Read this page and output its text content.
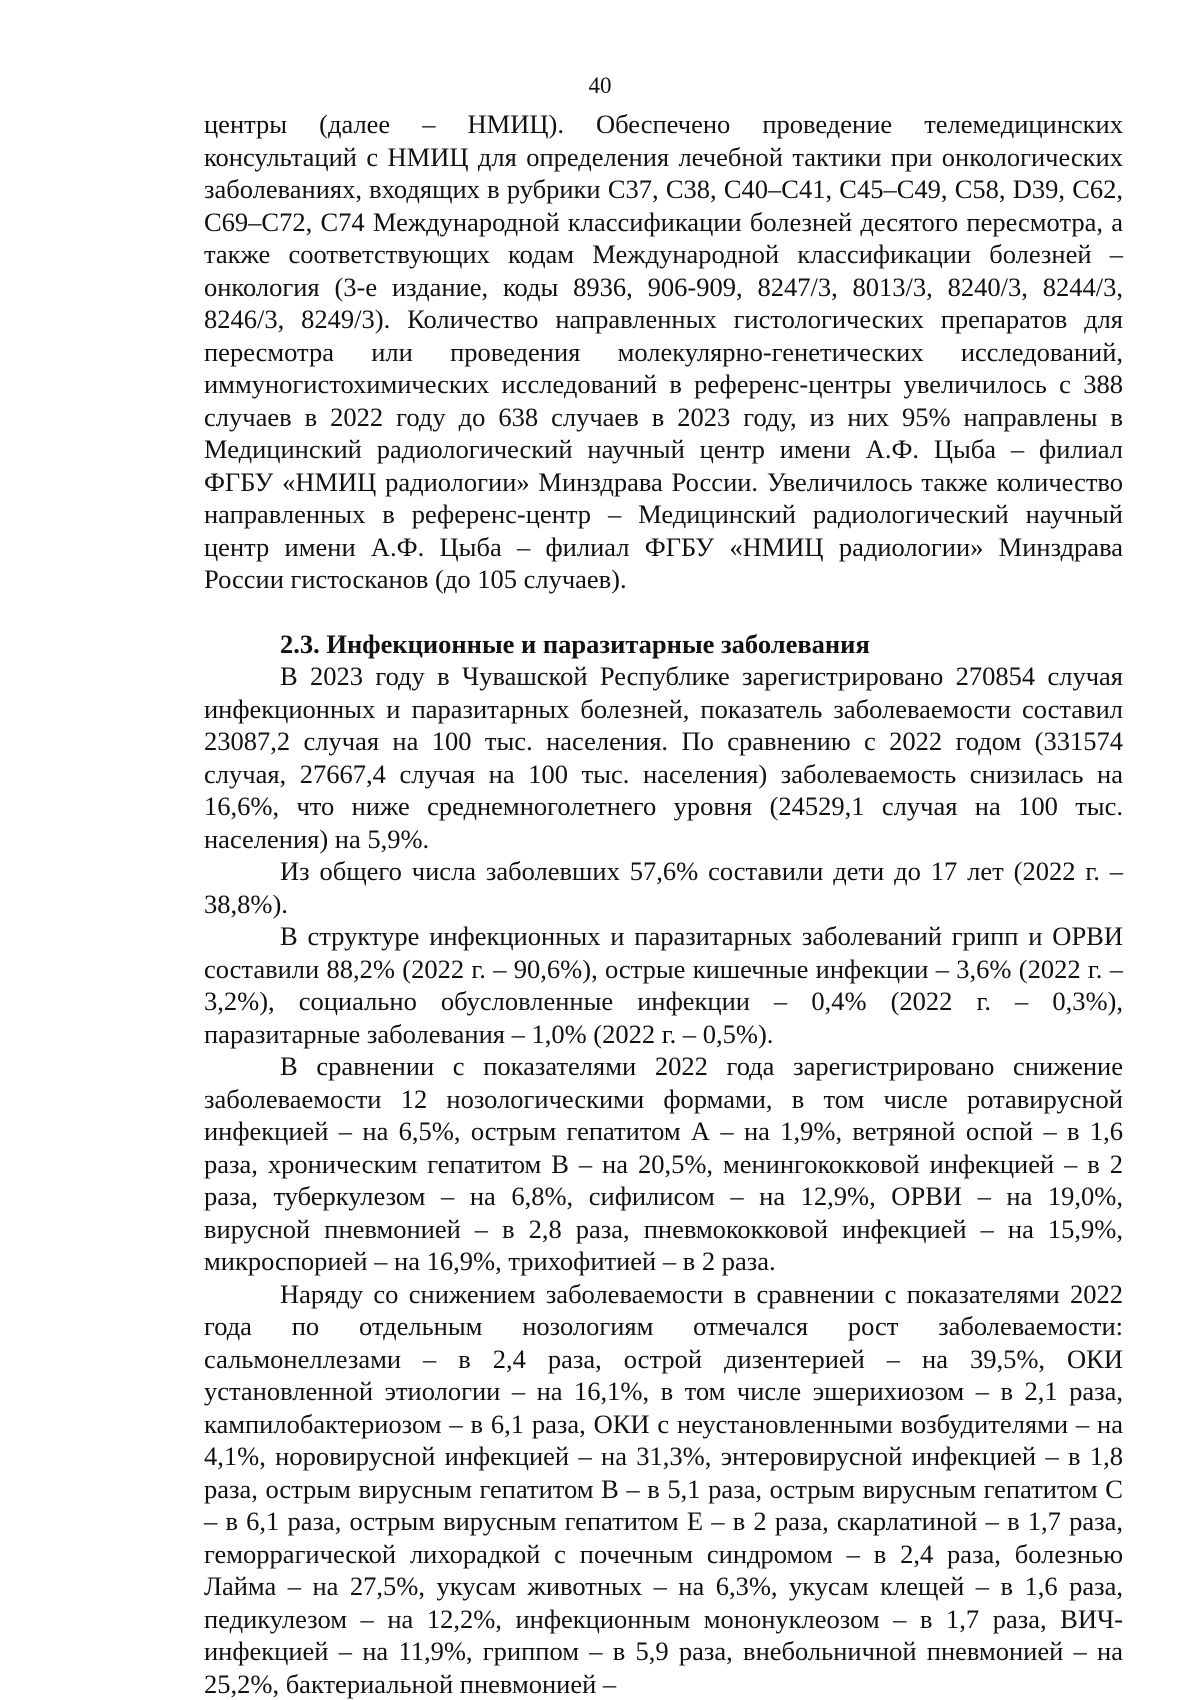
40

центры (далее – НМИЦ). Обеспечено проведение телемедицинских консультаций с НМИЦ для определения лечебной тактики при онкологических заболеваниях, входящих в рубрики С37, С38, С40–С41, С45–С49, С58, D39, С62, С69–С72, С74 Международной классификации болезней десятого пересмотра, а также соответствующих кодам Международной классификации болезней – онкология (3-е издание, коды 8936, 906-909, 8247/3, 8013/3, 8240/3, 8244/3, 8246/3, 8249/3). Количество направленных гистологических препаратов для пересмотра или проведения молекулярно-генетических исследований, иммуногистохимических исследований в референс-центры увеличилось с 388 случаев в 2022 году до 638 случаев в 2023 году, из них 95% направлены в Медицинский радиологический научный центр имени А.Ф. Цыба – филиал ФГБУ «НМИЦ радиологии» Минздрава России. Увеличилось также количество направленных в референс-центр – Медицинский радиологический научный центр имени А.Ф. Цыба – филиал ФГБУ «НМИЦ радиологии» Минздрава России гистосканов (до 105 случаев).

2.3. Инфекционные и паразитарные заболевания

В 2023 году в Чувашской Республике зарегистрировано 270854 случая инфекционных и паразитарных болезней, показатель заболеваемости составил 23087,2 случая на 100 тыс. населения. По сравнению с 2022 годом (331574 случая, 27667,4 случая на 100 тыс. населения) заболеваемость снизилась на 16,6%, что ниже среднемноголетнего уровня (24529,1 случая на 100 тыс. населения) на 5,9%.

Из общего числа заболевших 57,6% составили дети до 17 лет (2022 г. – 38,8%).

В структуре инфекционных и паразитарных заболеваний грипп и ОРВИ составили 88,2% (2022 г. – 90,6%), острые кишечные инфекции – 3,6% (2022 г. – 3,2%), социально обусловленные инфекции – 0,4% (2022 г. – 0,3%), паразитарные заболевания – 1,0% (2022 г. – 0,5%).

В сравнении с показателями 2022 года зарегистрировано снижение заболеваемости 12 нозологическими формами, в том числе ротавирусной инфекцией – на 6,5%, острым гепатитом А – на 1,9%, ветряной оспой – в 1,6 раза, хроническим гепатитом В – на 20,5%, менингококковой инфекцией – в 2 раза, туберкулезом – на 6,8%, сифилисом – на 12,9%, ОРВИ – на 19,0%, вирусной пневмонией – в 2,8 раза, пневмококковой инфекцией – на 15,9%, микроспорией – на 16,9%, трихофитией – в 2 раза.

Наряду со снижением заболеваемости в сравнении с показателями 2022 года по отдельным нозологиям отмечался рост заболеваемости: сальмонеллезами – в 2,4 раза, острой дизентерией – на 39,5%, ОКИ установленной этиологии – на 16,1%, в том числе эшерихиозом – в 2,1 раза, кампилобактериозом – в 6,1 раза, ОКИ с неустановленными возбудителями – на 4,1%, норовирусной инфекцией – на 31,3%, энтеровирусной инфекцией – в 1,8 раза, острым вирусным гепатитом В – в 5,1 раза, острым вирусным гепатитом С – в 6,1 раза, острым вирусным гепатитом Е – в 2 раза, скарлатиной – в 1,7 раза, геморрагической лихорадкой с почечным синдромом – в 2,4 раза, болезнью Лайма – на 27,5%, укусам животных – на 6,3%, укусам клещей – в 1,6 раза, педикулезом – на 12,2%, инфекционным мононуклеозом – в 1,7 раза, ВИЧ-инфекцией – на 11,9%, гриппом – в 5,9 раза, внебольничной пневмонией – на 25,2%, бактериальной пневмонией –
